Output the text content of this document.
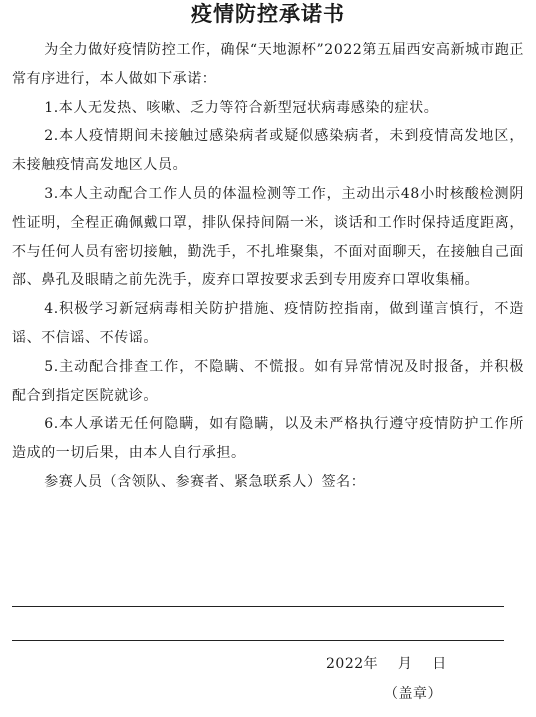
疫情防控承诺书

为全力做好疫情防控工作，确保“天地源杯”2022第五届西安高新城市跑正常有序进行，本人做如下承诺：

1.本人无发热、咳嗽、乏力等符合新型冠状病毒感染的症状。

2.本人疫情期间未接触过感染病者或疑似感染病者，未到疫情高发地区，未接触疫情高发地区人员。

3.本人主动配合工作人员的体温检测等工作，主动出示48小时核酸检测阴性证明，全程正确佩戴口罩，排队保持间隔一米，谈话和工作时保持适度距离，不与任何人员有密切接触，勤洗手，不扎堆聚集，不面对面聊天，在接触自己面部、鼻孔及眼睛之前先洗手，废弃口罩按要求丢到专用废弃口罩收集桶。

4.积极学习新冠病毒相关防护措施、疫情防控指南，做到谨言慎行，不造谣、不信谣、不传谣。

5.主动配合排查工作，不隐瞒、不慌报。如有异常情况及时报备，并积极配合到指定医院就诊。

6.本人承诺无任何隐瞒，如有隐瞒，以及未严格执行遵守疫情防护工作所造成的一切后果，由本人自行承担。

参赛人员（含领队、参赛者、紧急联系人）签名：

2022年    月    日
（盖章）
